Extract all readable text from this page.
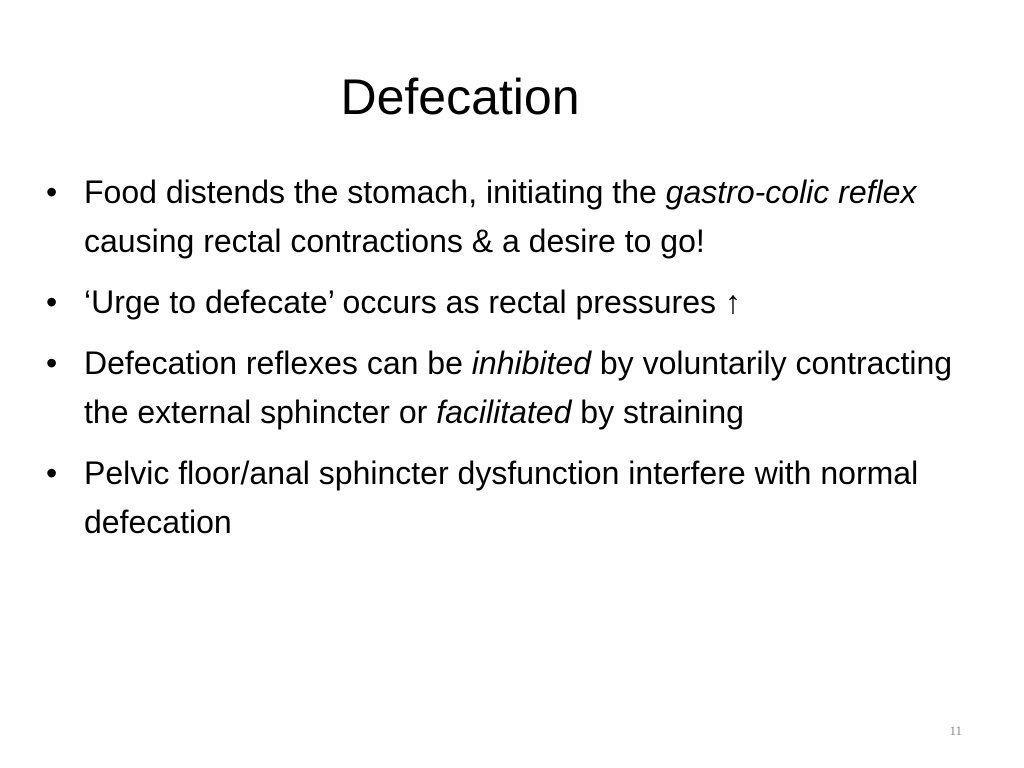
Defecation
• Food distends the stomach, initiating the gastro-colic reflex causing rectal contractions & a desire to go!
• ‘Urge to defecate’ occurs as rectal pressures ↑
• Defecation reflexes can be inhibited by voluntarily contracting the external sphincter or facilitated by straining
• Pelvic floor/anal sphincter dysfunction interfere with normal defecation
11
